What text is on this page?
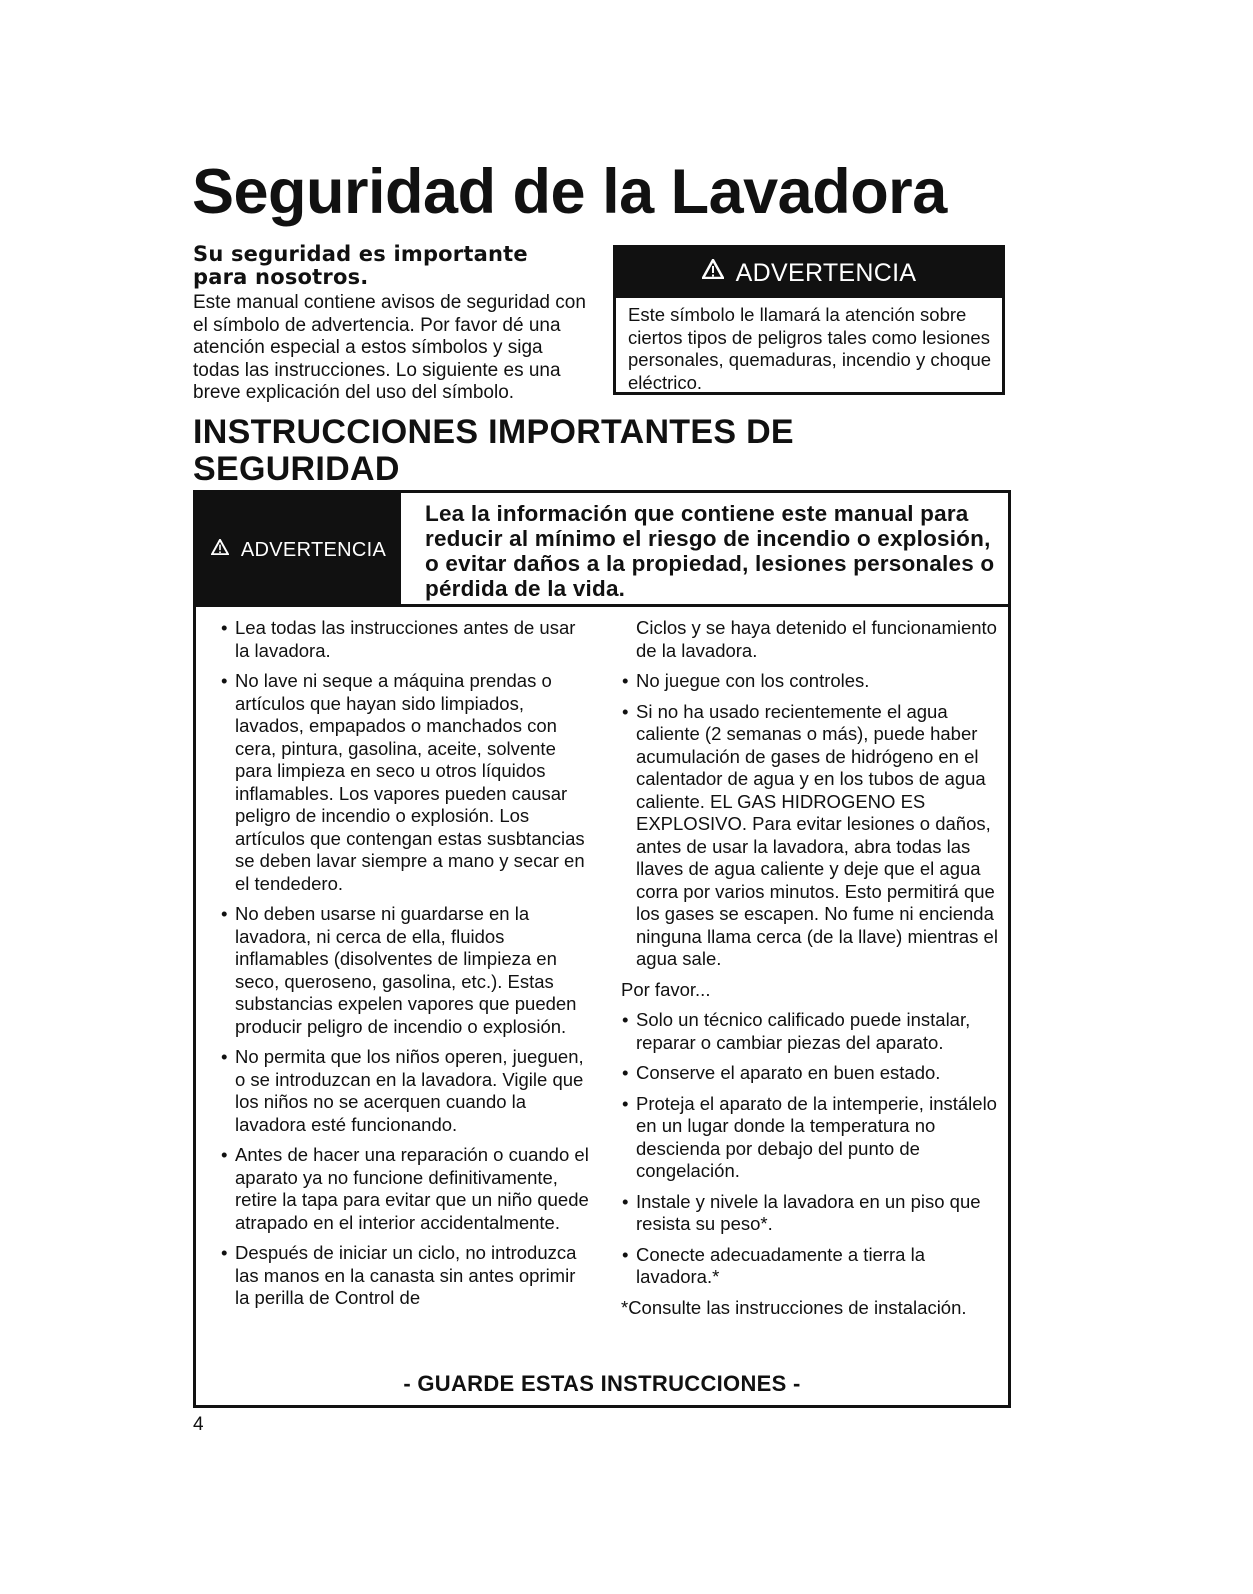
Seguridad de la Lavadora
Su seguridad es importante para nosotros.

Este manual contiene avisos de seguridad con el símbolo de advertencia. Por favor dé una atención especial a estos símbolos y siga todas las instrucciones. Lo siguiente es una breve explicación del uso del símbolo.

ADVERTENCIA
Este símbolo le llamará la atención sobre ciertos tipos de peligros tales como lesiones personales, quemaduras, incendio y choque eléctrico.
INSTRUCCIONES IMPORTANTES DE SEGURIDAD
ADVERTENCIA
Lea la información que contiene este manual para reducir al mínimo el riesgo de incendio o explosión, o evitar daños a la propiedad, lesiones personales o pérdida de la vida.
• Lea todas las instrucciones antes de usar la lavadora.
• No lave ni seque a máquina prendas o artículos que hayan sido limpiados, lavados, empapados o manchados con cera, pintura, gasolina, aceite, solvente para limpieza en seco u otros líquidos inflamables. Los vapores pueden causar peligro de incendio o explosión. Los artículos que contengan estas susbtancias se deben lavar siempre a mano y secar en el tendedero.
• No deben usarse ni guardarse en la lavadora, ni cerca de ella, fluidos inflamables (disolventes de limpieza en seco, queroseno, gasolina, etc.). Estas substancias expelen vapores que pueden producir peligro de incendio o explosión.
• No permita que los niños operen, jueguen, o se introduzcan en la lavadora. Vigile que los niños no se acerquen cuando la lavadora esté funcionando.
• Antes de hacer una reparación o cuando el aparato ya no funcione definitivamente, retire la tapa para evitar que un niño quede atrapado en el interior accidentalmente.
• Después de iniciar un ciclo, no introduzca las manos en la canasta sin antes oprimir la perilla de Control de

Ciclos y se haya detenido el funcionamiento de la lavadora.

• No juegue con los controles.
• Si no ha usado recientemente el agua caliente (2 semanas o más), puede haber acumulación de gases de hidrógeno en el calentador de agua y en los tubos de agua caliente. EL GAS HIDROGENO ES EXPLOSIVO. Para evitar lesiones o daños, antes de usar la lavadora, abra todas las llaves de agua caliente y deje que el agua corra por varios minutos. Esto permitirá que los gases se escapen. No fume ni encienda ninguna llama cerca (de la llave) mientras el agua sale.

Por favor...

• Solo un técnico calificado puede instalar, reparar o cambiar piezas del aparato.
• Conserve el aparato en buen estado.
• Proteja el aparato de la intemperie, instálelo en un lugar donde la temperatura no descienda por debajo del punto de congelación.
• Instale y nivele la lavadora en un piso que resista su peso*.
• Conecte adecuadamente a tierra la lavadora.*

*Consulte las instrucciones de instalación.

- GUARDE ESTAS INSTRUCCIONES -
4
